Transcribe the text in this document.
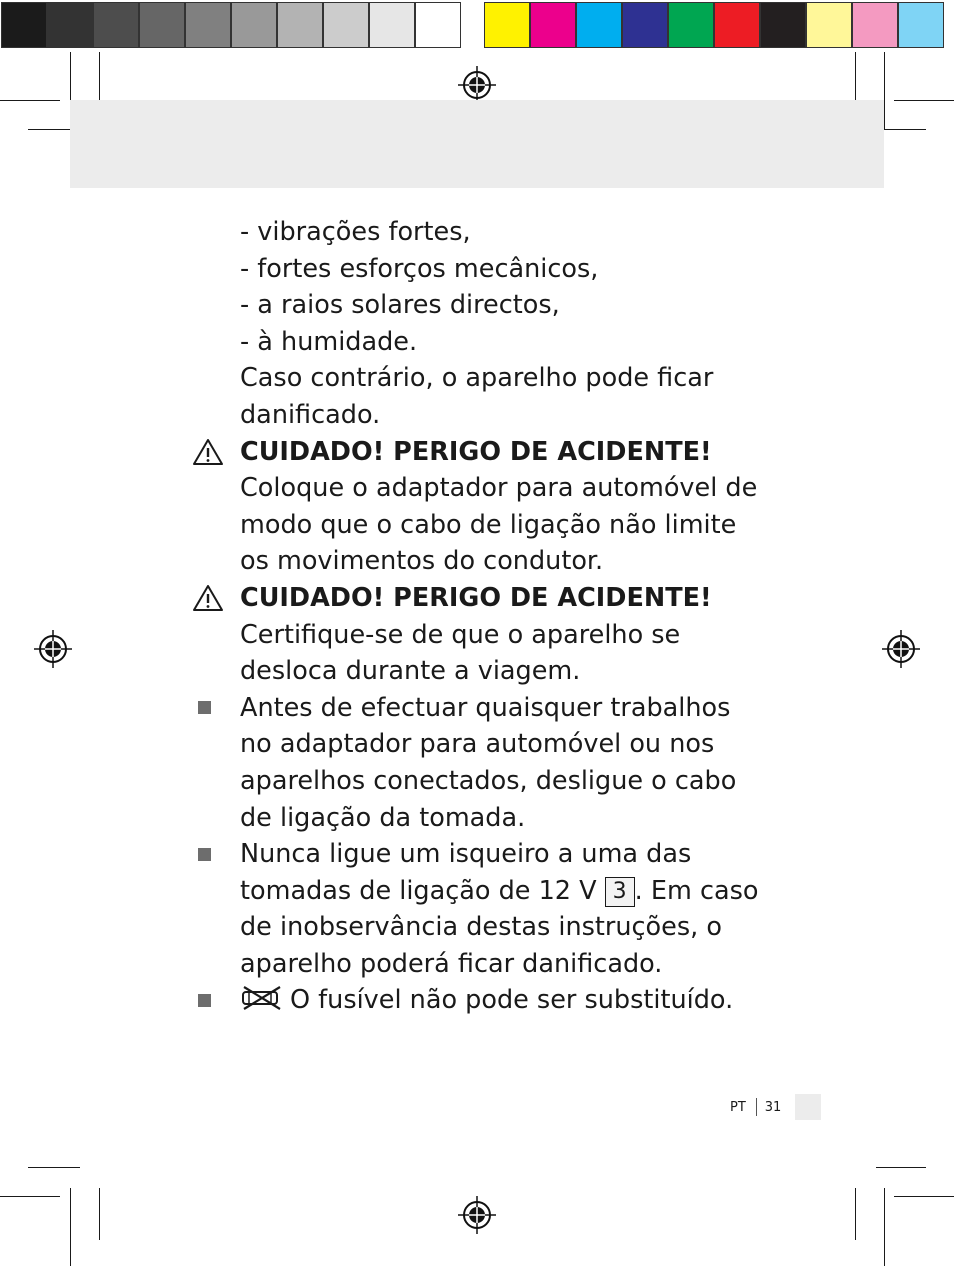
- vibrações fortes,
- fortes esforços mecânicos,
- a raios solares directos,
- à humidade.
Caso contrário, o aparelho pode ficar danificado.
CUIDADO! PERIGO DE ACIDENTE!
Coloque o adaptador para automóvel de modo que o cabo de ligação não limite os movimentos do condutor.
CUIDADO! PERIGO DE ACIDENTE!
Certifique-se de que o aparelho se desloca durante a viagem.
Antes de efectuar quaisquer trabalhos no adaptador para automóvel ou nos aparelhos conectados, desligue o cabo de ligação da tomada.
Nunca ligue um isqueiro a uma das tomadas de ligação de 12 V 3 . Em caso de inobservância destas instruções, o aparelho poderá ficar danificado.
O fusível não pode ser substituído.
PT 31
